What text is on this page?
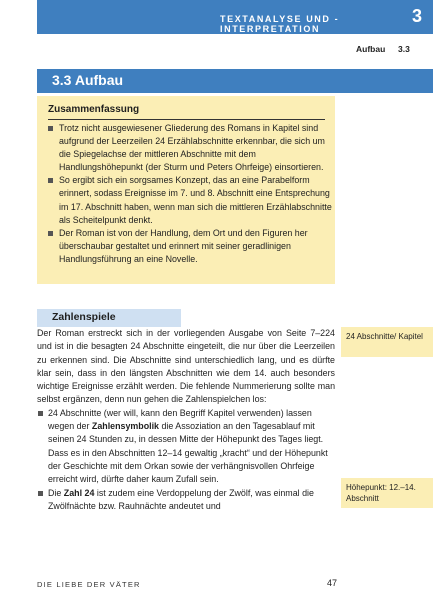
TEXTANALYSE UND -INTERPRETATION
3
Aufbau 3.3
3.3 Aufbau
Zusammenfassung
Trotz nicht ausgewiesener Gliederung des Romans in Kapitel sind aufgrund der Leerzeilen 24 Erzählabschnitte erkennbar, die sich um die Spiegelachse der mittleren Abschnitte mit dem Handlungshöhepunkt (der Sturm und Peters Ohrfeige) einsortieren.
So ergibt sich ein sorgsames Konzept, das an eine Parabelform erinnert, sodass Ereignisse im 7. und 8. Abschnitt eine Entsprechung im 17. Abschnitt haben, wenn man sich die mittleren Erzählabschnitte als Scheitelpunkt denkt.
Der Roman ist von der Handlung, dem Ort und den Figuren her überschaubar gestaltet und erinnert mit seiner geradlinigen Handlungsführung an eine Novelle.
Zahlenspiele

Der Roman erstreckt sich in der vorliegenden Ausgabe von Seite 7–224 und ist in die besagten 24 Abschnitte eingeteilt, die nur über die Leerzeilen zu erkennen sind. Die Abschnitte sind unterschiedlich lang, und es dürfte klar sein, dass in den längsten Abschnitten wie dem 14. auch besonders wichtige Ereignisse erzählt werden. Die fehlende Nummerierung sollte man selbst ergänzen, denn nun gehen die Zahlenspielchen los:

24 Abschnitte (wer will, kann den Begriff Kapitel verwenden) lassen wegen der Zahlensymbolik die Assoziation an den Tagesablauf mit seinen 24 Stunden zu, in dessen Mitte der Höhepunkt des Tages liegt. Dass es in den Abschnitten 12–14 gewaltig „kracht“ und der Höhepunkt der Geschichte mit dem Orkan sowie der verhängnisvollen Ohrfeige erreicht wird, dürfte daher kaum Zufall sein.
Die Zahl 24 ist zudem eine Verdoppelung der Zwölf, was einmal die Zwölfnächte bzw. Rauhnächte andeutet und
24 Abschnitte/ Kapitel
Höhepunkt: 12.–14. Abschnitt
DIE LIEBE DER VÄTER	47
